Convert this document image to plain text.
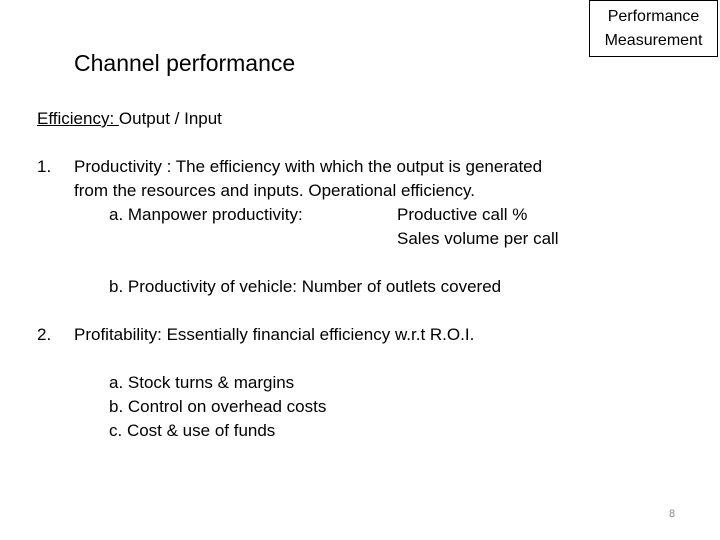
Performance
Measurement
Channel performance
Efficiency: Output / Input
1. Productivity : The efficiency with which the output is generated
from the resources and inputs. Operational efficiency.
a. Manpower productivity:	Productive call %
Sales volume per call
b. Productivity of vehicle: Number of outlets covered
2. Profitability: Essentially financial efficiency w.r.t R.O.I.
a. Stock turns & margins
b. Control on overhead costs
c. Cost & use of funds
8
